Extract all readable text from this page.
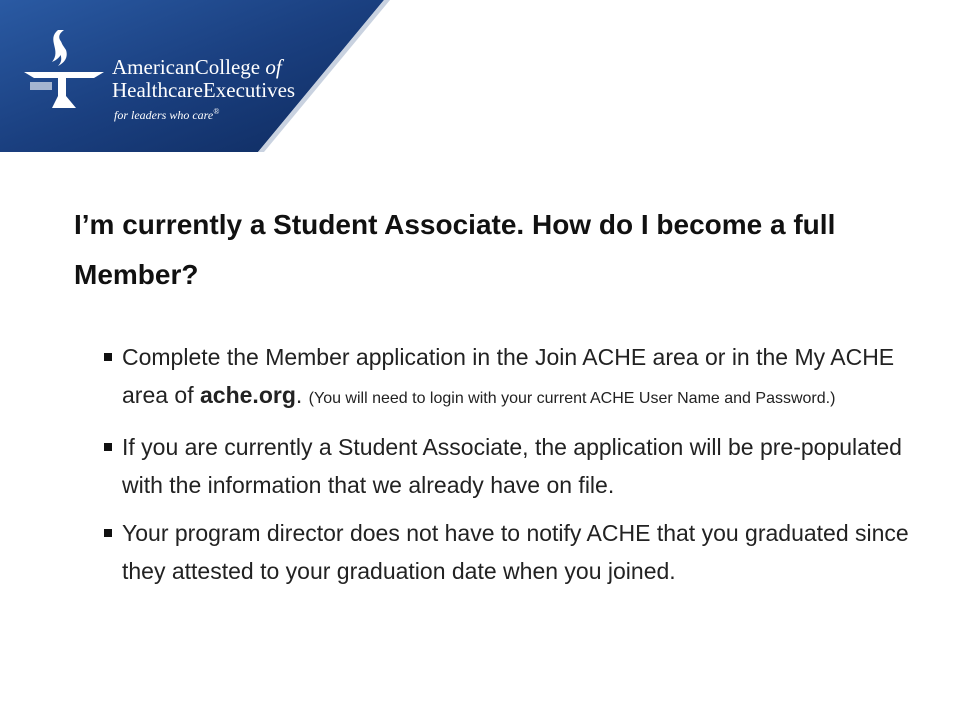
AmericanCollege of
HealthcareExecutives
for leaders who care®
I’m currently a Student Associate. How do I become a full Member?
Complete the Member application in the Join ACHE area or in the My ACHE area of ache.org. (You will need to login with your current ACHE User Name and Password.)
If you are currently a Student Associate, the application will be pre-populated with the information that we already have on file.
Your program director does not have to notify ACHE that you graduated since they attested to your graduation date when you joined.
